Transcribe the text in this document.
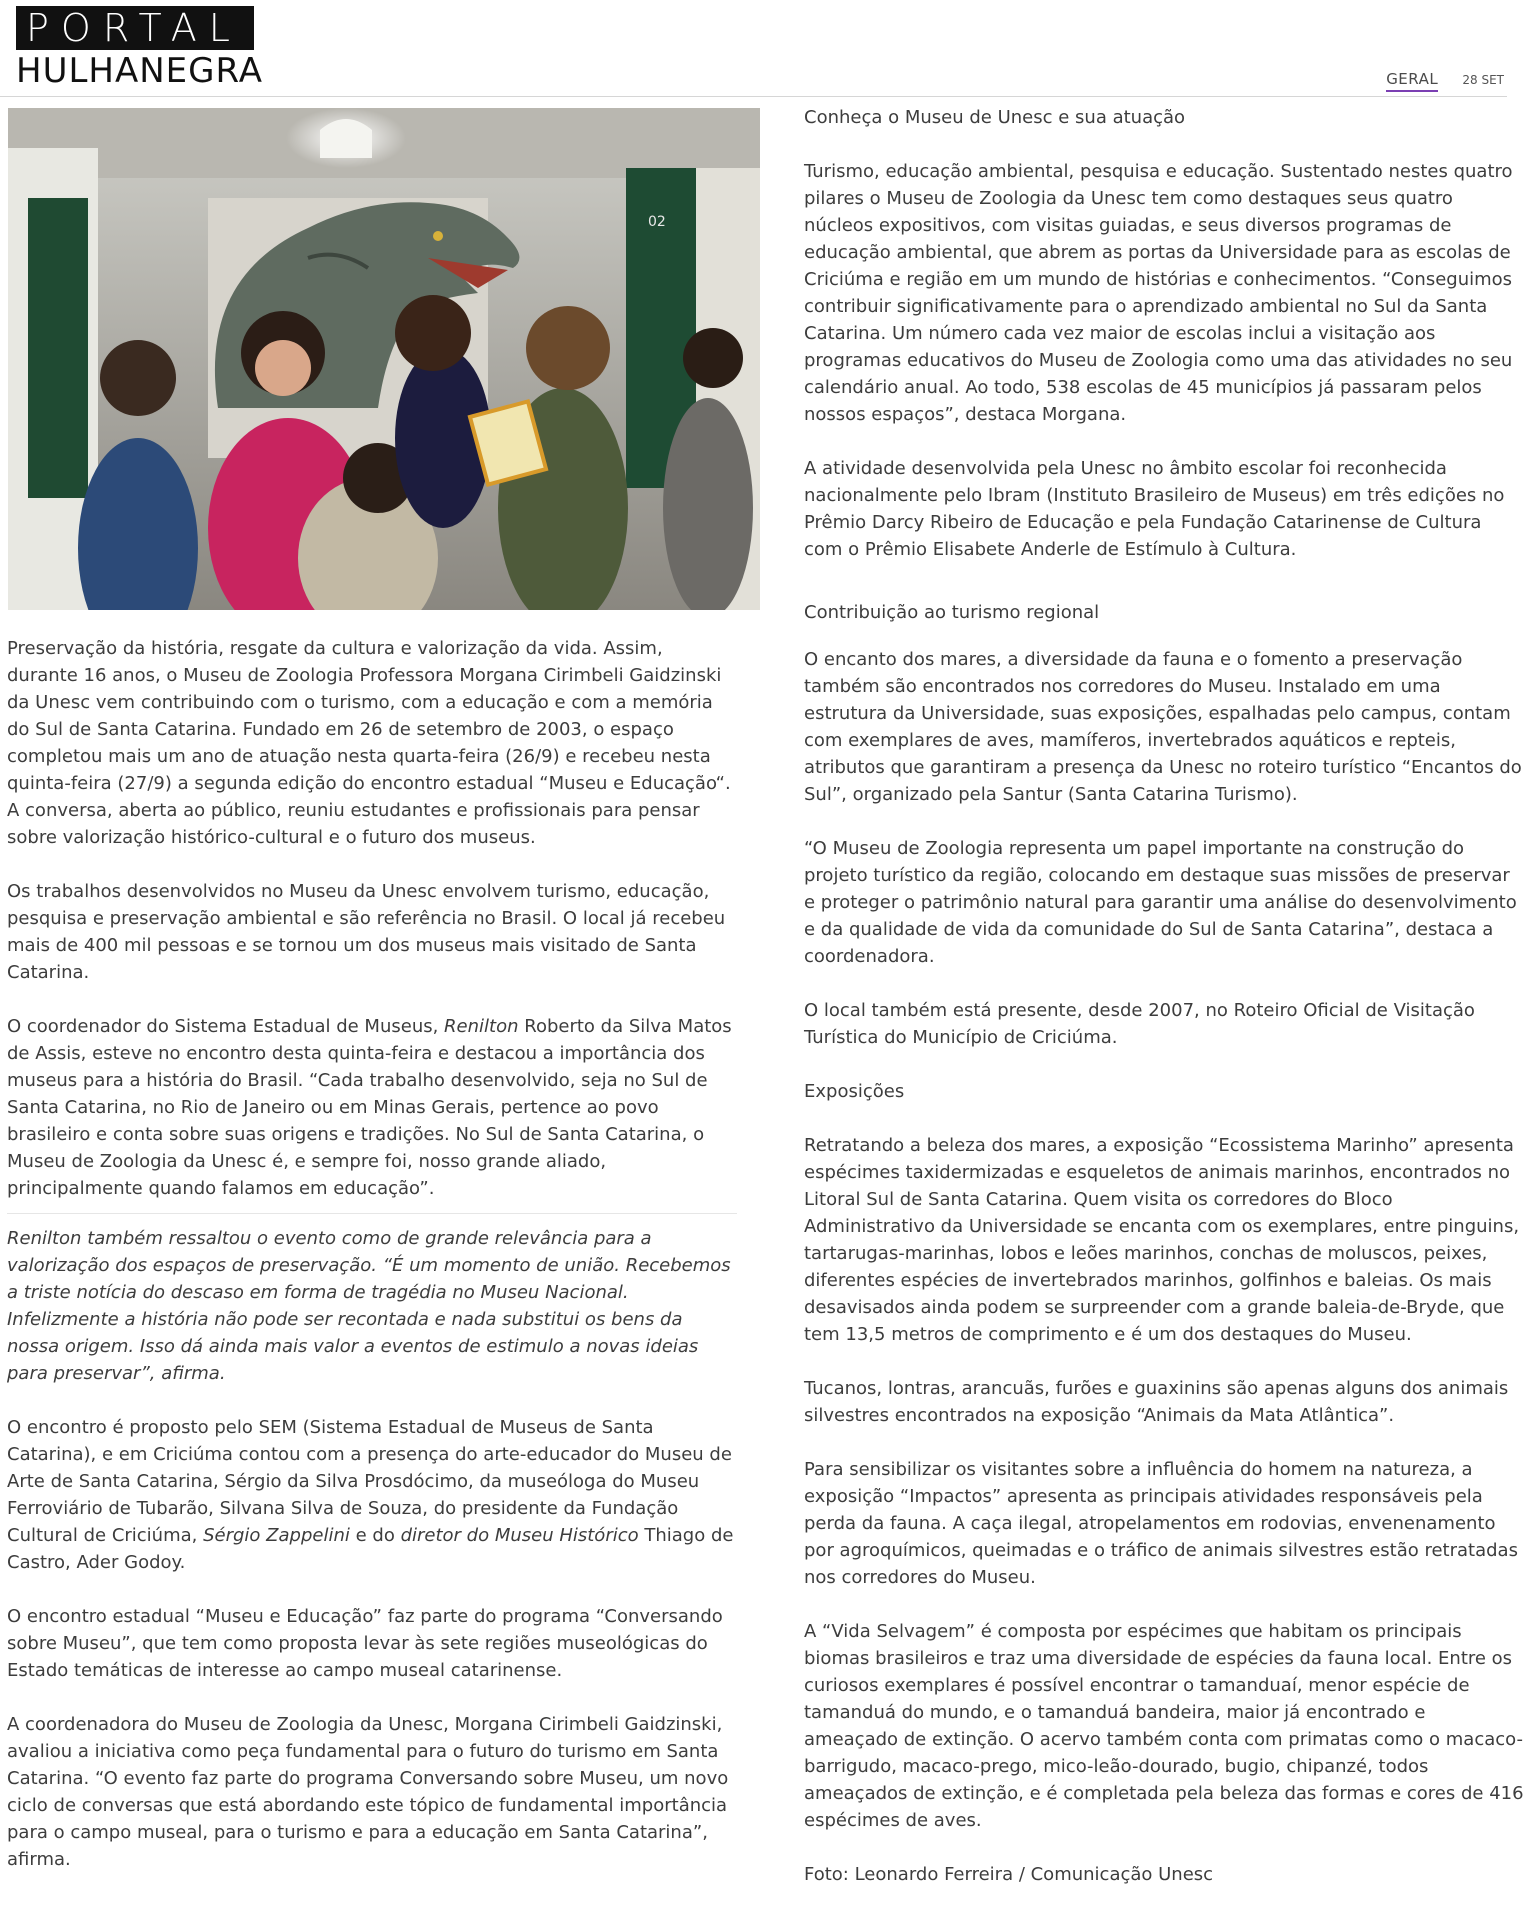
PORTAL
HULHANEGRA	GERAL 28 SET
02

Preservação da história, resgate da cultura e valorização da vida. Assim, durante 16 anos, o Museu de Zoologia Professora Morgana Cirimbeli Gaidzinski da Unesc vem contribuindo com o turismo, com a educação e com a memória do Sul de Santa Catarina. Fundado em 26 de setembro de 2003, o espaço completou mais um ano de atuação nesta quarta-feira (26/9) e recebeu nesta quinta-feira (27/9) a segunda edição do encontro estadual “Museu e Educação“. A conversa, aberta ao público, reuniu estudantes e profissionais para pensar sobre valorização histórico-cultural e o futuro dos museus.

Os trabalhos desenvolvidos no Museu da Unesc envolvem turismo, educação, pesquisa e preservação ambiental e são referência no Brasil. O local já recebeu mais de 400 mil pessoas e se tornou um dos museus mais visitado de Santa Catarina.

O coordenador do Sistema Estadual de Museus, Renilton Roberto da Silva Matos de Assis, esteve no encontro desta quinta-feira e destacou a importância dos museus para a história do Brasil. “Cada trabalho desenvolvido, seja no Sul de Santa Catarina, no Rio de Janeiro ou em Minas Gerais, pertence ao povo brasileiro e conta sobre suas origens e tradições. No Sul de Santa Catarina, o Museu de Zoologia da Unesc é, e sempre foi, nosso grande aliado, principalmente quando falamos em educação”.

Renilton também ressaltou o evento como de grande relevância para a valorização dos espaços de preservação. “É um momento de união. Recebemos a triste notícia do descaso em forma de tragédia no Museu Nacional. Infelizmente a história não pode ser recontada e nada substitui os bens da nossa origem. Isso dá ainda mais valor a eventos de estimulo a novas ideias para preservar”, afirma.

O encontro é proposto pelo SEM (Sistema Estadual de Museus de Santa Catarina), e em Criciúma contou com a presença do arte-educador do Museu de Arte de Santa Catarina, Sérgio da Silva Prosdócimo, da museóloga do Museu Ferroviário de Tubarão, Silvana Silva de Souza, do presidente da Fundação Cultural de Criciúma, Sérgio Zappelini e do diretor do Museu Histórico Thiago de Castro, Ader Godoy.

O encontro estadual “Museu e Educação” faz parte do programa “Conversando sobre Museu”, que tem como proposta levar às sete regiões museológicas do Estado temáticas de interesse ao campo museal catarinense.

A coordenadora do Museu de Zoologia da Unesc, Morgana Cirimbeli Gaidzinski, avaliou a iniciativa como peça fundamental para o futuro do turismo em Santa Catarina. “O evento faz parte do programa Conversando sobre Museu, um novo ciclo de conversas que está abordando este tópico de fundamental importância para o campo museal, para o turismo e para a educação em Santa Catarina”, afirma.

Conheça o Museu de Unesc e sua atuação

Turismo, educação ambiental, pesquisa e educação. Sustentado nestes quatro pilares o Museu de Zoologia da Unesc tem como destaques seus quatro núcleos expositivos, com visitas guiadas, e seus diversos programas de educação ambiental, que abrem as portas da Universidade para as escolas de Criciúma e região em um mundo de histórias e conhecimentos. “Conseguimos contribuir significativamente para o aprendizado ambiental no Sul da Santa Catarina. Um número cada vez maior de escolas inclui a visitação aos programas educativos do Museu de Zoologia como uma das atividades no seu calendário anual. Ao todo, 538 escolas de 45 municípios já passaram pelos nossos espaços”, destaca Morgana.

A atividade desenvolvida pela Unesc no âmbito escolar foi reconhecida nacionalmente pelo Ibram (Instituto Brasileiro de Museus) em três edições no Prêmio Darcy Ribeiro de Educação e pela Fundação Catarinense de Cultura com o Prêmio Elisabete Anderle de Estímulo à Cultura.

Contribuição ao turismo regional

O encanto dos mares, a diversidade da fauna e o fomento a preservação também são encontrados nos corredores do Museu. Instalado em uma estrutura da Universidade, suas exposições, espalhadas pelo campus, contam com exemplares de aves, mamíferos, invertebrados aquáticos e repteis, atributos que garantiram a presença da Unesc no roteiro turístico “Encantos do Sul”, organizado pela Santur (Santa Catarina Turismo).

“O Museu de Zoologia representa um papel importante na construção do projeto turístico da região, colocando em destaque suas missões de preservar e proteger o patrimônio natural para garantir uma análise do desenvolvimento e da qualidade de vida da comunidade do Sul de Santa Catarina”, destaca a coordenadora.

O local também está presente, desde 2007, no Roteiro Oficial de Visitação Turística do Município de Criciúma.

Exposições

Retratando a beleza dos mares, a exposição “Ecossistema Marinho” apresenta espécimes taxidermizadas e esqueletos de animais marinhos, encontrados no Litoral Sul de Santa Catarina. Quem visita os corredores do Bloco Administrativo da Universidade se encanta com os exemplares, entre pinguins, tartarugas-marinhas, lobos e leões marinhos, conchas de moluscos, peixes, diferentes espécies de invertebrados marinhos, golfinhos e baleias. Os mais desavisados ainda podem se surpreender com a grande baleia-de-Bryde, que tem 13,5 metros de comprimento e é um dos destaques do Museu.

Tucanos, lontras, arancuãs, furões e guaxinins são apenas alguns dos animais silvestres encontrados na exposição “Animais da Mata Atlântica”.

Para sensibilizar os visitantes sobre a influência do homem na natureza, a exposição “Impactos” apresenta as principais atividades responsáveis pela perda da fauna. A caça ilegal, atropelamentos em rodovias, envenenamento por agroquímicos, queimadas e o tráfico de animais silvestres estão retratadas nos corredores do Museu.

A “Vida Selvagem” é composta por espécimes que habitam os principais biomas brasileiros e traz uma diversidade de espécies da fauna local. Entre os curiosos exemplares é possível encontrar o tamanduaí, menor espécie de tamanduá do mundo, e o tamanduá bandeira, maior já encontrado e ameaçado de extinção. O acervo também conta com primatas como o macaco-barrigudo, macaco-prego, mico-leão-dourado, bugio, chipanzé, todos ameaçados de extinção, e é completada pela beleza das formas e cores de 416 espécimes de aves.

Foto: Leonardo Ferreira / Comunicação Unesc
